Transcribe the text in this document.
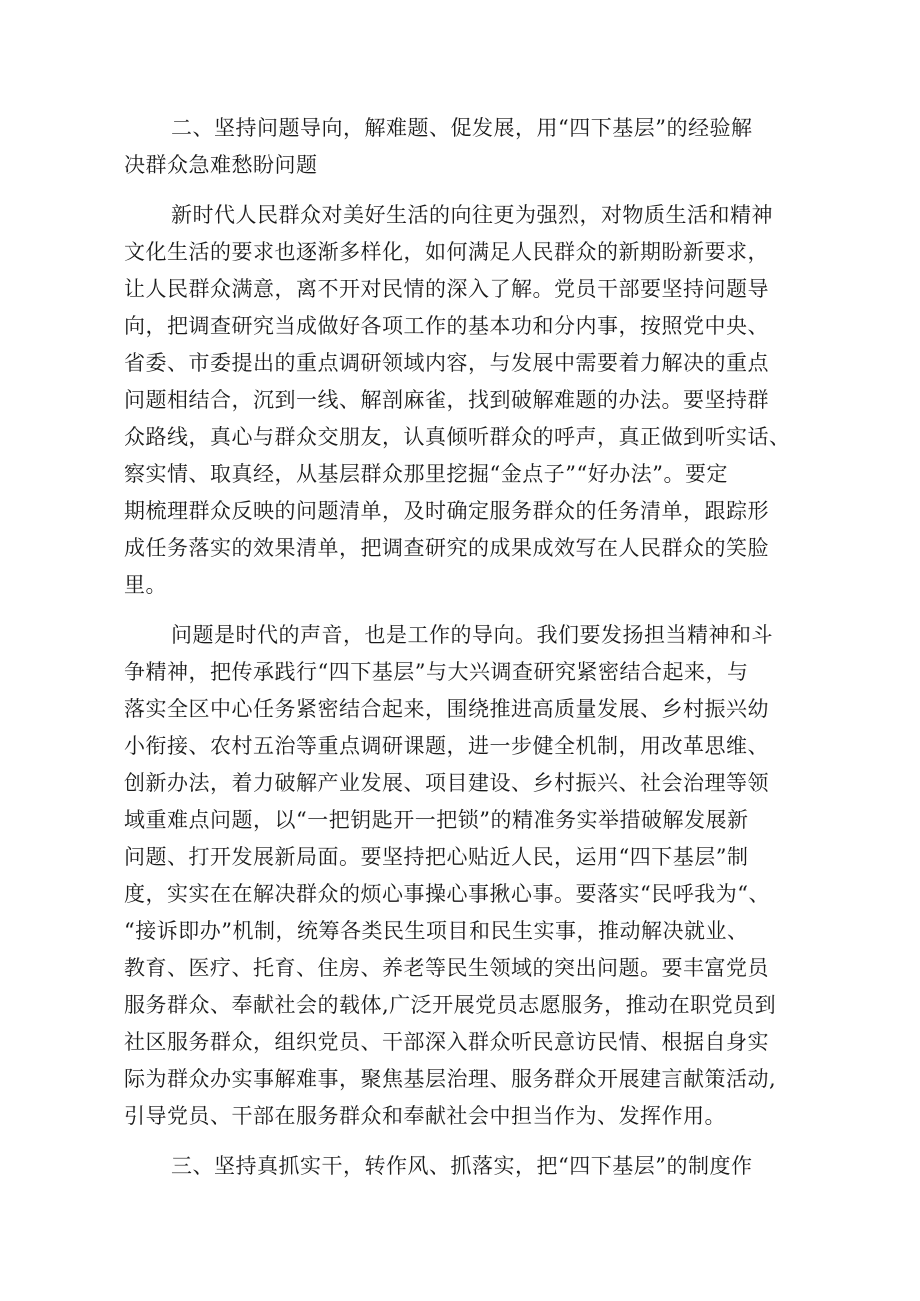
二、坚持问题导向，解难题、促发展，用“四下基层”的经验解
决群众急难愁盼问题
新时代人民群众对美好生活的向往更为强烈，对物质生活和精神
文化生活的要求也逐渐多样化，如何满足人民群众的新期盼新要求，
让人民群众满意，离不开对民情的深入了解。党员干部要坚持问题导
向，把调查研究当成做好各项工作的基本功和分内事，按照党中央、
省委、市委提出的重点调研领域内容，与发展中需要着力解决的重点
问题相结合，沉到一线、解剖麻雀，找到破解难题的办法。要坚持群
众路线，真心与群众交朋友，认真倾听群众的呼声，真正做到听实话、
察实情、取真经，从基层群众那里挖掘“金点子”“好办法”。要定
期梳理群众反映的问题清单，及时确定服务群众的任务清单，跟踪形
成任务落实的效果清单，把调查研究的成果成效写在人民群众的笑脸
里。
问题是时代的声音，也是工作的导向。我们要发扬担当精神和斗
争精神，把传承践行“四下基层”与大兴调查研究紧密结合起来，与
落实全区中心任务紧密结合起来，围绕推进高质量发展、乡村振兴幼
小衔接、农村五治等重点调研课题，进一步健全机制，用改革思维、
创新办法，着力破解产业发展、项目建设、乡村振兴、社会治理等领
域重难点问题，以“一把钥匙开一把锁”的精准务实举措破解发展新
问题、打开发展新局面。要坚持把心贴近人民，运用“四下基层”制
度，实实在在解决群众的烦心事操心事揪心事。要落实“民呼我为“、
“接诉即办”机制，统筹各类民生项目和民生实事，推动解决就业、
教育、医疗、托育、住房、养老等民生领域的突出问题。要丰富党员
服务群众、奉献社会的载体,广泛开展党员志愿服务，推动在职党员到
社区服务群众，组织党员、干部深入群众听民意访民情、根据自身实
际为群众办实事解难事，聚焦基层治理、服务群众开展建言献策活动,
引导党员、干部在服务群众和奉献社会中担当作为、发挥作用。
三、坚持真抓实干，转作风、抓落实，把“四下基层”的制度作
